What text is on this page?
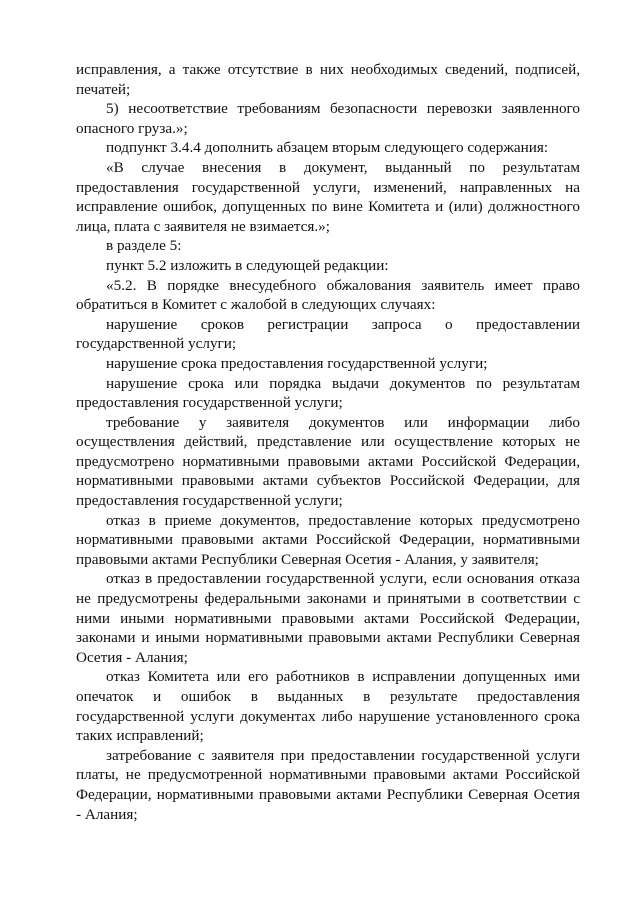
исправления, а также отсутствие в них необходимых сведений, подписей, печатей;

5) несоответствие требованиям безопасности перевозки заявленного опасного груза.»;

подпункт 3.4.4 дополнить абзацем вторым следующего содержания:

«В случае внесения в документ, выданный по результатам предоставления государственной услуги, изменений, направленных на исправление ошибок, допущенных по вине Комитета и (или) должностного лица, плата с заявителя не взимается.»;

в разделе 5:

пункт 5.2 изложить в следующей редакции:

«5.2. В порядке внесудебного обжалования заявитель имеет право обратиться в Комитет с жалобой в следующих случаях:

нарушение сроков регистрации запроса о предоставлении государственной услуги;

нарушение срока предоставления государственной услуги;

нарушение срока или порядка выдачи документов по результатам предоставления государственной услуги;

требование у заявителя документов или информации либо осуществления действий, представление или осуществление которых не предусмотрено нормативными правовыми актами Российской Федерации, нормативными правовыми актами субъектов Российской Федерации, для предоставления государственной услуги;

отказ в приеме документов, предоставление которых предусмотрено нормативными правовыми актами Российской Федерации, нормативными правовыми актами Республики Северная Осетия - Алания, у заявителя;

отказ в предоставлении государственной услуги, если основания отказа не предусмотрены федеральными законами и принятыми в соответствии с ними иными нормативными правовыми актами Российской Федерации, законами и иными нормативными правовыми актами Республики Северная Осетия - Алания;

отказ Комитета или его работников в исправлении допущенных ими опечаток и ошибок в выданных в результате предоставления государственной услуги документах либо нарушение установленного срока таких исправлений;

затребование с заявителя при предоставлении государственной услуги платы, не предусмотренной нормативными правовыми актами Российской Федерации, нормативными правовыми актами Республики Северная Осетия - Алания;
